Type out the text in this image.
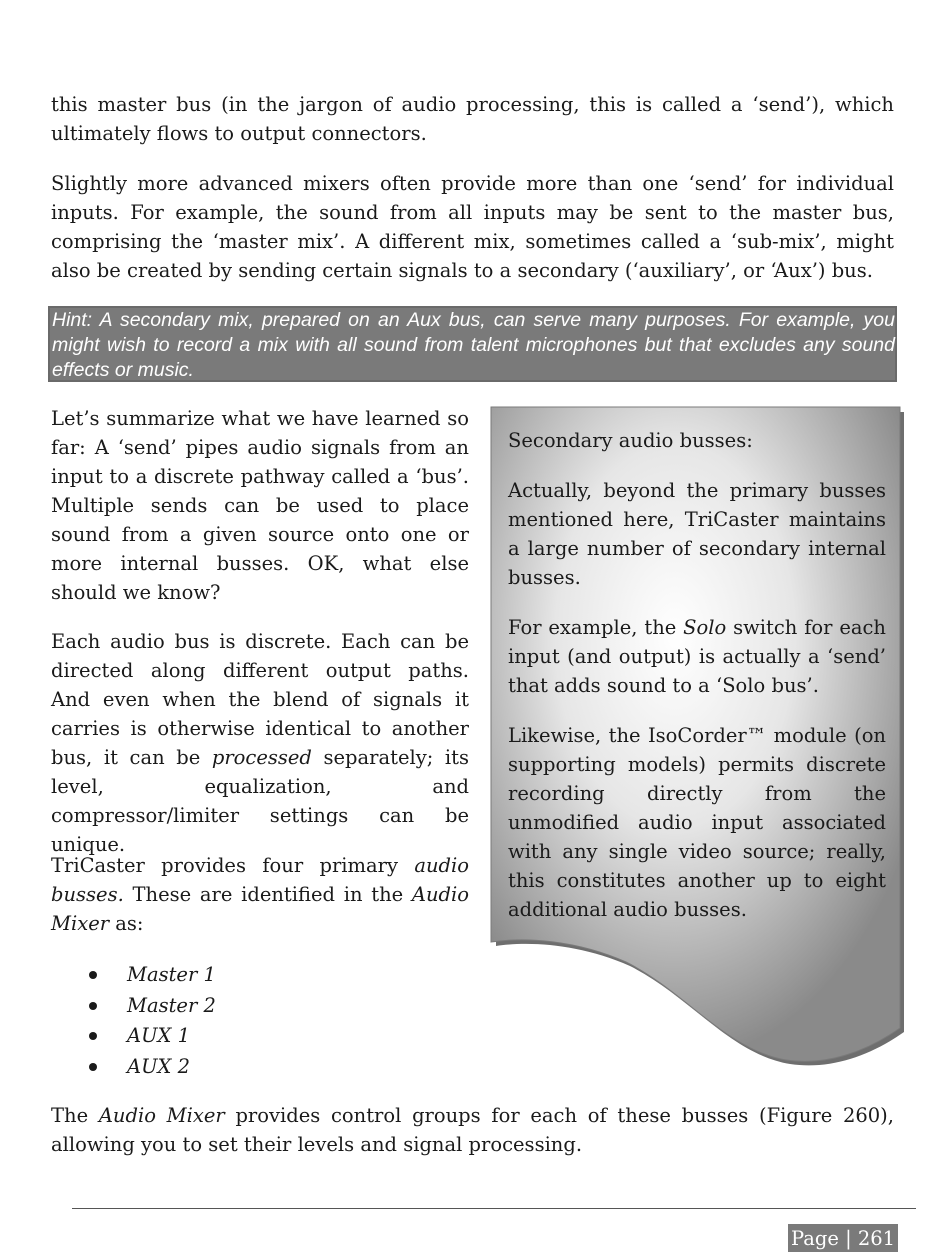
this master bus (in the jargon of audio processing, this is called a ‘send’), which ultimately flows to output connectors.

Slightly more advanced mixers often provide more than one ‘send’ for individual inputs. For example, the sound from all inputs may be sent to the master bus, comprising the ‘master mix’. A different mix, sometimes called a ‘sub-mix’, might also be created by sending certain signals to a secondary (‘auxiliary’, or ‘Aux’) bus.

Hint: A secondary mix, prepared on an Aux bus, can serve many purposes. For example, you might wish to record a mix with all sound from talent microphones but that excludes any sound effects or music.

Let’s summarize what we have learned so far: A ‘send’ pipes audio signals from an input to a discrete pathway called a ‘bus’. Multiple sends can be used to place sound from a given source onto one or more internal busses. OK, what else should we know?

Each audio bus is discrete. Each can be directed along different output paths. And even when the blend of signals it carries is otherwise identical to another bus, it can be processed separately; its level, equalization, and compressor/limiter settings can be unique.

TriCaster provides four primary audio busses. These are identified in the Audio Mixer as:

Secondary audio busses:

Actually, beyond the primary busses mentioned here, TriCaster maintains a large number of secondary internal busses.

For example, the Solo switch for each input (and output) is actually a ‘send’ that adds sound to a ‘Solo bus’.

Likewise, the IsoCorder™ module (on supporting models) permits discrete recording directly from the unmodified audio input associated with any single video source; really, this constitutes another up to eight additional audio busses.

Master 1
Master 2
AUX 1
AUX 2

The Audio Mixer provides control groups for each of these busses (Figure 260), allowing you to set their levels and signal processing.

Page | 261
